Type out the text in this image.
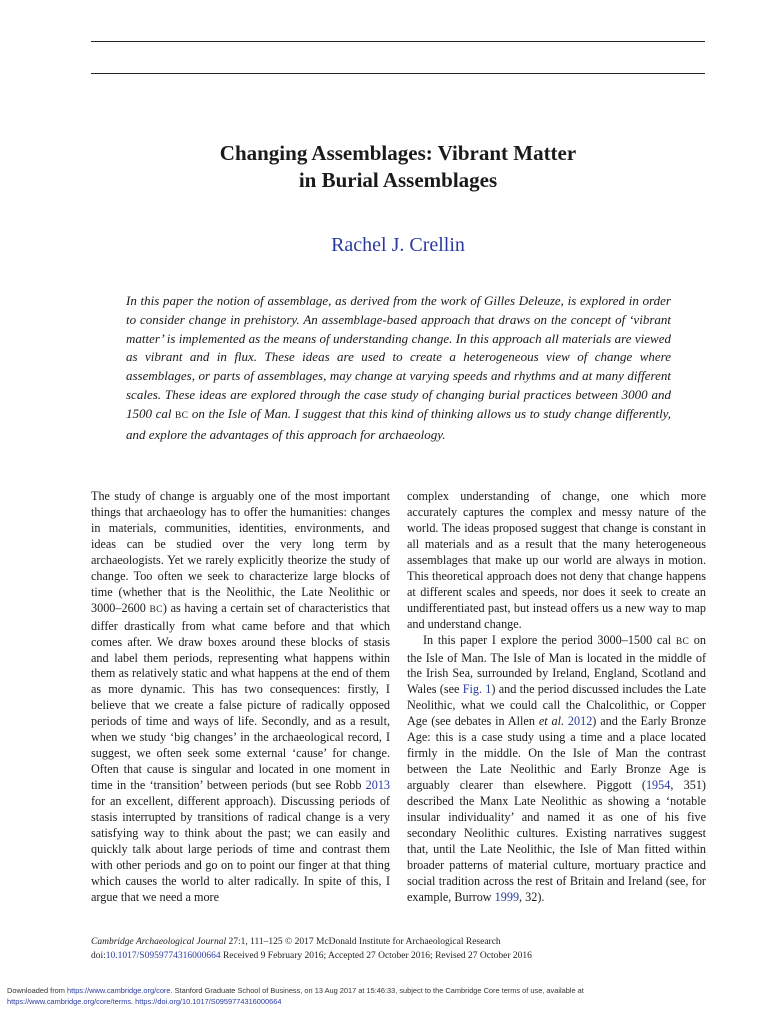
Changing Assemblages: Vibrant Matter
in Burial Assemblages
Rachel J. Crellin
In this paper the notion of assemblage, as derived from the work of Gilles Deleuze, is explored in order to consider change in prehistory. An assemblage-based approach that draws on the concept of ‘vibrant matter’ is implemented as the means of understanding change. In this approach all materials are viewed as vibrant and in flux. These ideas are used to create a heterogeneous view of change where assemblages, or parts of assemblages, may change at varying speeds and rhythms and at many different scales. These ideas are explored through the case study of changing burial practices between 3000 and 1500 cal BC on the Isle of Man. I suggest that this kind of thinking allows us to study change differently, and explore the advantages of this approach for archaeology.

The study of change is arguably one of the most important things that archaeology has to offer the humanities: changes in materials, communities, identities, environments, and ideas can be studied over the very long term by archaeologists. Yet we rarely explicitly theorize the study of change. Too often we seek to characterize large blocks of time (whether that is the Neolithic, the Late Neolithic or 3000–2600 BC) as having a certain set of characteristics that differ drastically from what came before and that which comes after. We draw boxes around these blocks of stasis and label them periods, representing what happens within them as relatively static and what happens at the end of them as more dynamic. This has two consequences: firstly, I believe that we create a false picture of radically opposed periods of time and ways of life. Secondly, and as a result, when we study ‘big changes’ in the archaeological record, I suggest, we often seek some external ‘cause’ for change. Often that cause is singular and located in one moment in time in the ‘transition’ between periods (but see Robb 2013 for an excellent, different approach). Discussing periods of stasis interrupted by transitions of radical change is a very satisfying way to think about the past; we can easily and quickly talk about large periods of time and contrast them with other periods and go on to point our finger at that thing which causes the world to alter radically. In spite of this, I argue that we need a more

complex understanding of change, one which more accurately captures the complex and messy nature of the world. The ideas proposed suggest that change is constant in all materials and as a result that the many heterogeneous assemblages that make up our world are always in motion. This theoretical approach does not deny that change happens at different scales and speeds, nor does it seek to create an undifferentiated past, but instead offers us a new way to map and understand change.

In this paper I explore the period 3000–1500 cal BC on the Isle of Man. The Isle of Man is located in the middle of the Irish Sea, surrounded by Ireland, England, Scotland and Wales (see Fig. 1) and the period discussed includes the Late Neolithic, what we could call the Chalcolithic, or Copper Age (see debates in Allen et al. 2012) and the Early Bronze Age: this is a case study using a time and a place located firmly in the middle. On the Isle of Man the contrast between the Late Neolithic and Early Bronze Age is arguably clearer than elsewhere. Piggott (1954, 351) described the Manx Late Neolithic as showing a ‘notable insular individuality’ and named it as one of his five secondary Neolithic cultures. Existing narratives suggest that, until the Late Neolithic, the Isle of Man fitted within broader patterns of material culture, mortuary practice and social tradition across the rest of Britain and Ireland (see, for example, Burrow 1999, 32).

Cambridge Archaeological Journal 27:1, 111–125 © 2017 McDonald Institute for Archaeological Research
doi:10.1017/S0959774316000664 Received 9 February 2016; Accepted 27 October 2016; Revised 27 October 2016
Downloaded from https://www.cambridge.org/core. Stanford Graduate School of Business, on 13 Aug 2017 at 15:46:33, subject to the Cambridge Core terms of use, available at
https://www.cambridge.org/core/terms. https://doi.org/10.1017/S0959774316000664
